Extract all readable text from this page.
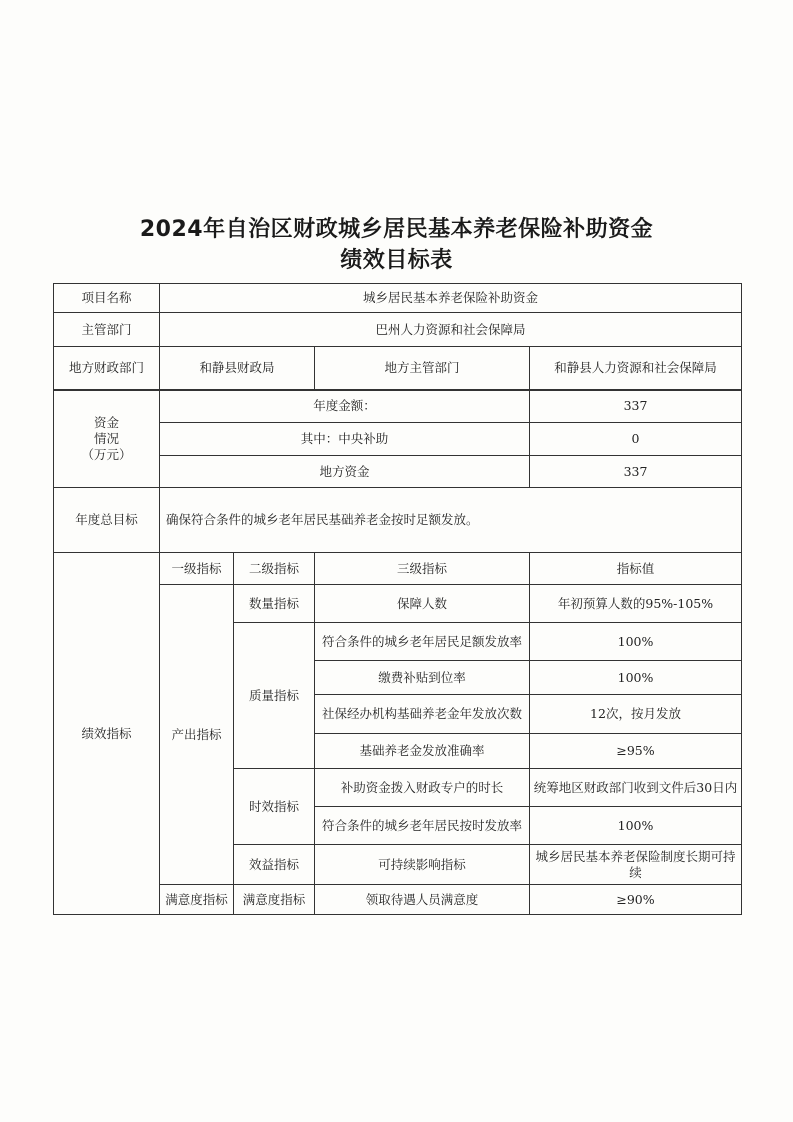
2024年自治区财政城乡居民基本养老保险补助资金
绩效目标表
项目名称	城乡居民基本养老保险补助资金				
主管部门	巴州人力资源和社会保障局				
地方财政部门	和静县财政局		地方主管部门	和静县人力资源和社会保障局	

资金
情况
（万元）	年度金额：			337	
	其中：中央补助			0	
	地方资金			337	
年度总目标	确保符合条件的城乡老年居民基础养老金按时足额发放。				
绩效指标	一级指标	二级指标	三级指标	指标值	
	产出指标	数量指标	保障人数	年初预算人数的95%-105%	
		质量指标	符合条件的城乡老年居民足额发放率	100%	
			缴费补贴到位率	100%	
			社保经办机构基础养老金年发放次数	12次，按月发放	
			基础养老金发放准确率	≥95%	
		时效指标	补助资金拨入财政专户的时长	统筹地区财政部门收到文件后30日内	
			符合条件的城乡老年居民按时发放率	100%	
		效益指标	可持续影响指标	城乡居民基本养老保险制度长期可持续	
	满意度指标	满意度指标	领取待遇人员满意度	≥90%	
